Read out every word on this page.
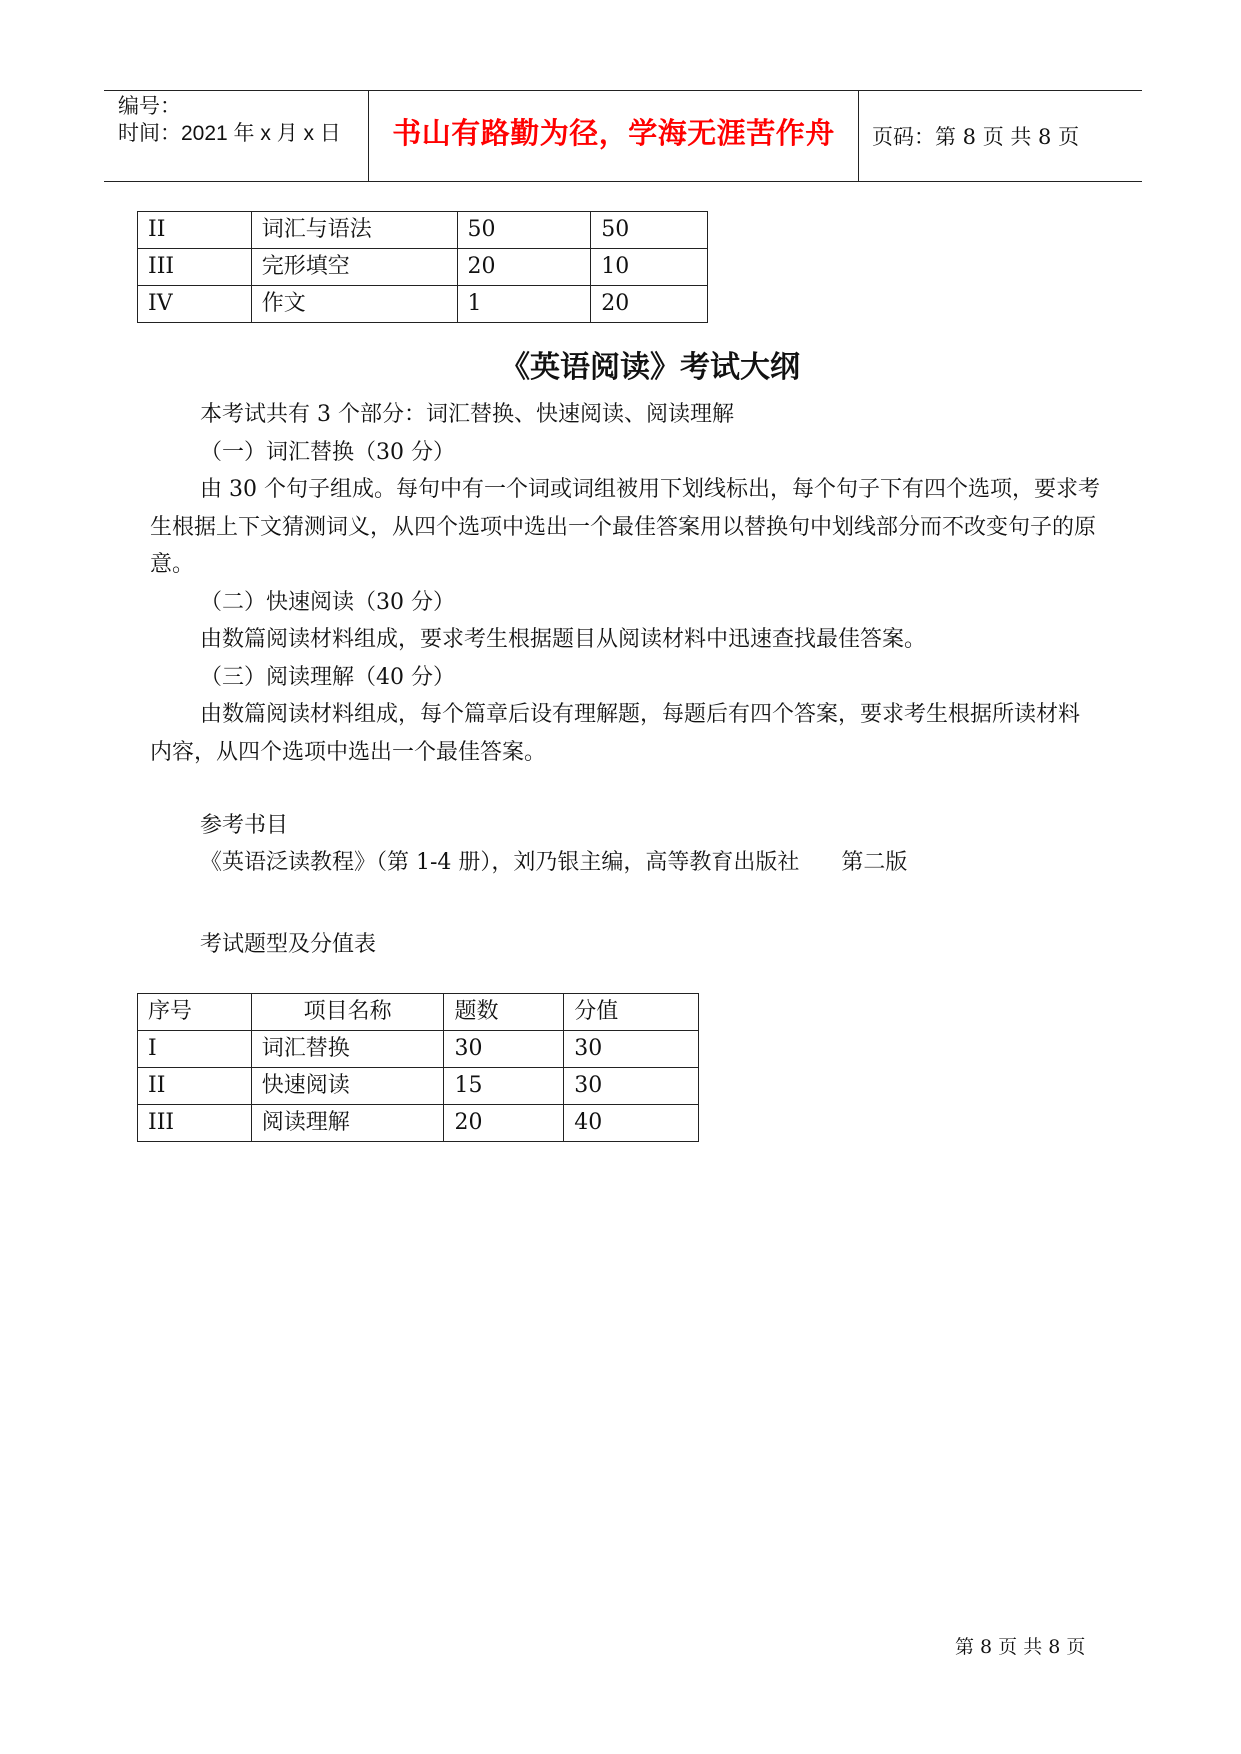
编号：
时间：2021 年 x 月 x 日	书山有路勤为径，学海无涯苦作舟	页码：第 8 页 共 8 页
II	词汇与语法	50	50
III	完形填空	20	10
IV	作文	1	20
《英语阅读》考试大纲

本考试共有 3 个部分：词汇替换、快速阅读、阅读理解

（一）词汇替换（30 分）

由 30 个句子组成。每句中有一个词或词组被用下划线标出，每个句子下有四个选项，要求考生根据上下文猜测词义，从四个选项中选出一个最佳答案用以替换句中划线部分而不改变句子的原意。

（二）快速阅读（30 分）

由数篇阅读材料组成，要求考生根据题目从阅读材料中迅速查找最佳答案。

（三）阅读理解（40 分）

由数篇阅读材料组成，每个篇章后设有理解题，每题后有四个答案，要求考生根据所读材料内容，从四个选项中选出一个最佳答案。

参考书目
《英语泛读教程》（第 1-4 册），刘乃银主编，高等教育出版社      第二版
考试题型及分值表
序号	项目名称	题数	分值
I	词汇替换	30	30
II	快速阅读	15	30
III	阅读理解	20	40
第 8 页 共 8 页
